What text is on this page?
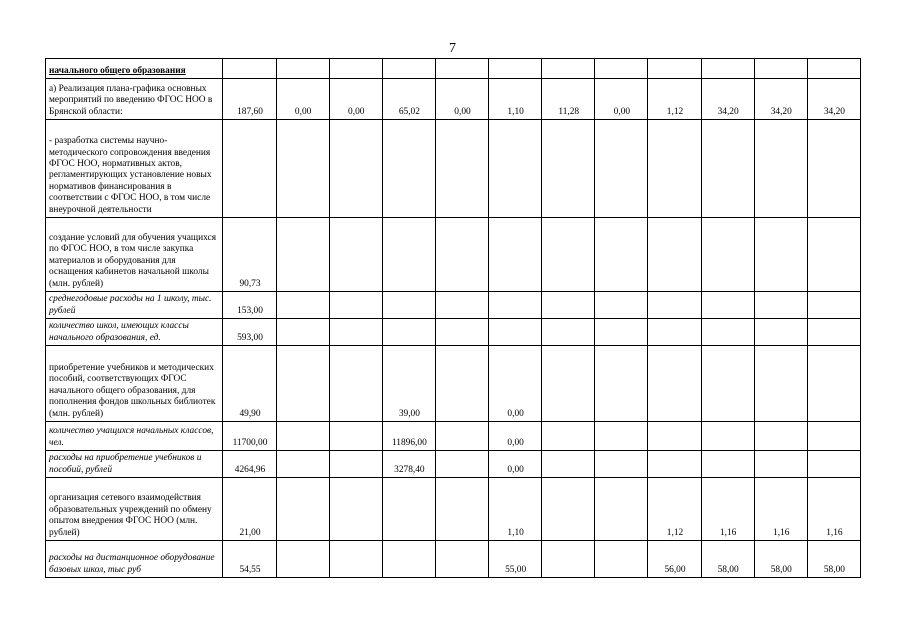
7
начального общего образования												
а) Реализация плана-графика основных мероприятий по введению ФГОС НОО в Брянской области:	187,60	0,00	0,00	65,02	0,00	1,10	11,28	0,00	1,12	34,20	34,20	34,20
- разработка системы научно-методического сопровождения введения ФГОС НОО, нормативных актов, регламентирующих установление новых нормативов финансирования в соответствии с ФГОС НОО, в том числе внеурочной деятельности												
создание условий для обучения учащихся по ФГОС НОО, в том числе закупка материалов и оборудования для оснащения кабинетов начальной школы (млн. рублей)	90,73											
среднегодовые расходы на 1 школу, тыс. рублей	153,00											
количество школ, имеющих классы начального образования, ед.	593,00											
приобретение учебников и методических пособий, соответствующих ФГОС начального общего образования, для пополнения фондов школьных библиотек (млн. рублей)	49,90			39,00		0,00						
количество учащихся начальных классов, чел.	11700,00			11896,00		0,00						
расходы на приобретение учебников и пособий, рублей	4264,96			3278,40		0,00						
организация сетевого взаимодействия образовательных учреждений по обмену опытом внедрения ФГОС НОО (млн. рублей)	21,00					1,10			1,12	1,16	1,16	1,16
расходы на дистанционное оборудование базовых школ, тыс руб	54,55					55,00			56,00	58,00	58,00	58,00
